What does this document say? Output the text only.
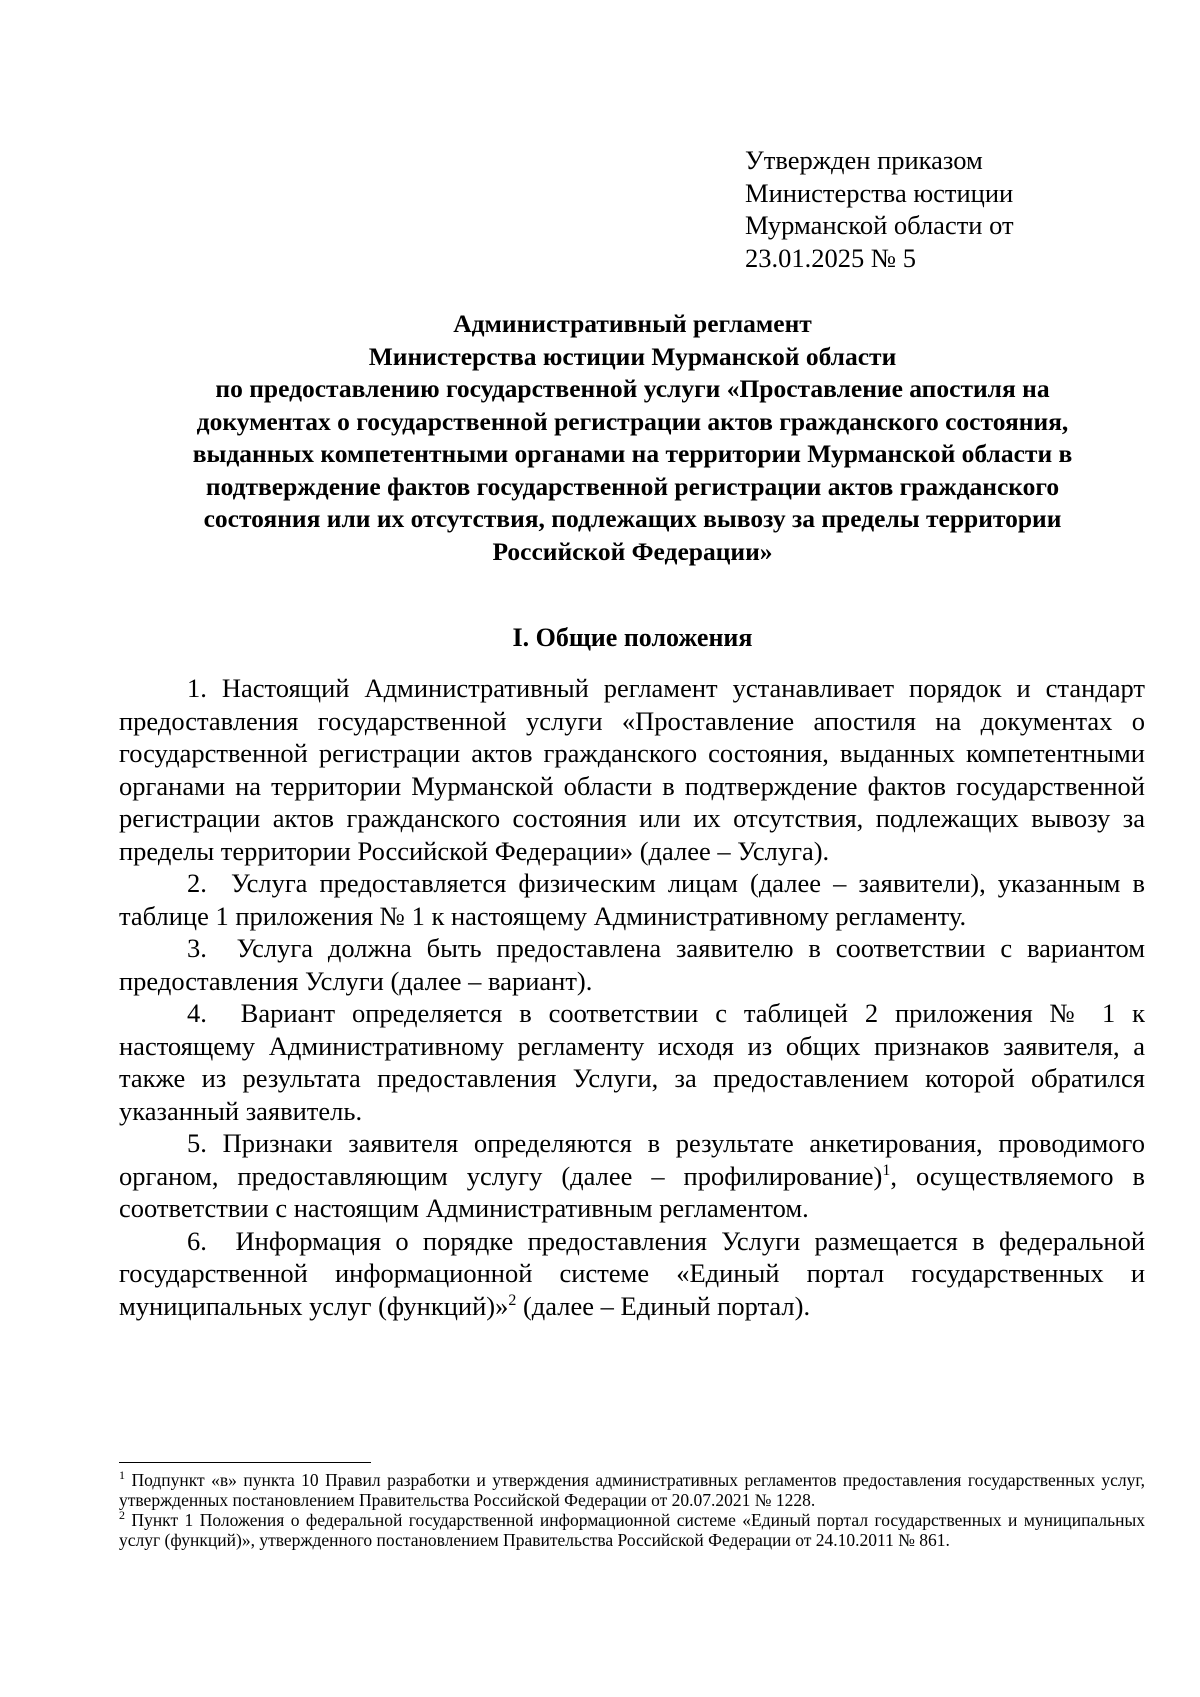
Утвержден приказом
Министерства юстиции
Мурманской области от
23.01.2025 № 5
Административный регламент
Министерства юстиции Мурманской области
по предоставлению государственной услуги «Проставление апостиля на
документах о государственной регистрации актов гражданского состояния,
выданных компетентными органами на территории Мурманской области в
подтверждение фактов государственной регистрации актов гражданского
состояния или их отсутствия, подлежащих вывозу за пределы территории
Российской Федерации»
I. Общие положения

1. Настоящий Административный регламент устанавливает порядок и стандарт предоставления государственной услуги «Проставление апостиля на документах о государственной регистрации актов гражданского состояния, выданных компетентными органами на территории Мурманской области в подтверждение фактов государственной регистрации актов гражданского состояния или их отсутствия, подлежащих вывозу за пределы территории Российской Федерации» (далее – Услуга).

2. Услуга предоставляется физическим лицам (далее – заявители), указанным в таблице 1 приложения № 1 к настоящему Административному регламенту.

3. Услуга должна быть предоставлена заявителю в соответствии с вариантом предоставления Услуги (далее – вариант).

4. Вариант определяется в соответствии с таблицей 2 приложения № 1 к настоящему Административному регламенту исходя из общих признаков заявителя, а также из результата предоставления Услуги, за предоставлением которой обратился указанный заявитель.

5. Признаки заявителя определяются в результате анкетирования, проводимого органом, предоставляющим услугу (далее – профилирование)$^1$, осуществляемого в соответствии с настоящим Административным регламентом.

6. Информация о порядке предоставления Услуги размещается в федеральной государственной информационной системе «Единый портал государственных и муниципальных услуг (функций)»$^2$ (далее – Единый портал).

$^1$ Подпункт «в» пункта 10 Правил разработки и утверждения административных регламентов предоставления государственных услуг, утвержденных постановлением Правительства Российской Федерации от 20.07.2021 № 1228.

$^2$ Пункт 1 Положения о федеральной государственной информационной системе «Единый портал государственных и муниципальных услуг (функций)», утвержденного постановлением Правительства Российской Федерации от 24.10.2011 № 861.
